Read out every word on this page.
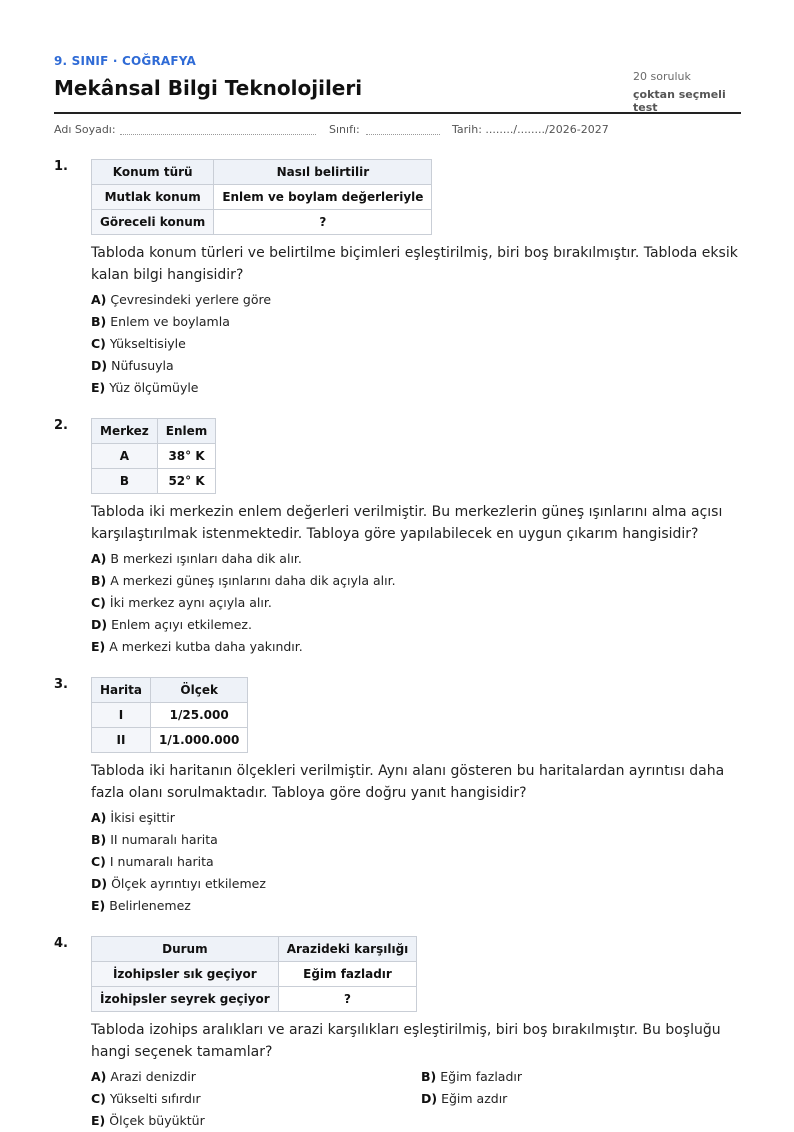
9. SINIF · COĞRAFYA
Mekânsal Bilgi Teknolojileri	20 soruluk
çoktan seçmeli test
Adı Soyadı:	Sınıfı:	Tarih: ......../......../2026-2027
1.	Konum türü	Nasıl belirtilir
Mutlak konum	Enlem ve boylam değerleriyle
Göreceli konum	?
Tabloda konum türleri ve belirtilme biçimleri eşleştirilmiş, biri boş bırakılmıştır. Tabloda eksik kalan bilgi hangisidir?
A) Çevresindeki yerlere göre
B) Enlem ve boylamla
C) Yükseltisiyle
D) Nüfusuyla
E) Yüz ölçümüyle
2.	Merkez	Enlem
A	38° K
B	52° K
Tabloda iki merkezin enlem değerleri verilmiştir. Bu merkezlerin güneş ışınlarını alma açısı karşılaştırılmak istenmektedir. Tabloya göre yapılabilecek en uygun çıkarım hangisidir?
A) B merkezi ışınları daha dik alır.
B) A merkezi güneş ışınlarını daha dik açıyla alır.
C) İki merkez aynı açıyla alır.
D) Enlem açıyı etkilemez.
E) A merkezi kutba daha yakındır.
3.	Harita	Ölçek
I	1/25.000
II	1/1.000.000
Tabloda iki haritanın ölçekleri verilmiştir. Aynı alanı gösteren bu haritalardan ayrıntısı daha fazla olanı sorulmaktadır. Tabloya göre doğru yanıt hangisidir?
A) İkisi eşittir
B) II numaralı harita
C) I numaralı harita
D) Ölçek ayrıntıyı etkilemez
E) Belirlenemez
4.	Durum	Arazideki karşılığı
İzohipsler sık geçiyor	Eğim fazladır
İzohipsler seyrek geçiyor	?
Tabloda izohips aralıkları ve arazi karşılıkları eşleştirilmiş, biri boş bırakılmıştır. Bu boşluğu hangi seçenek tamamlar?
A) Arazi denizdir	B) Eğim fazladır
C) Yükselti sıfırdır	D) Eğim azdır
E) Ölçek büyüktür
